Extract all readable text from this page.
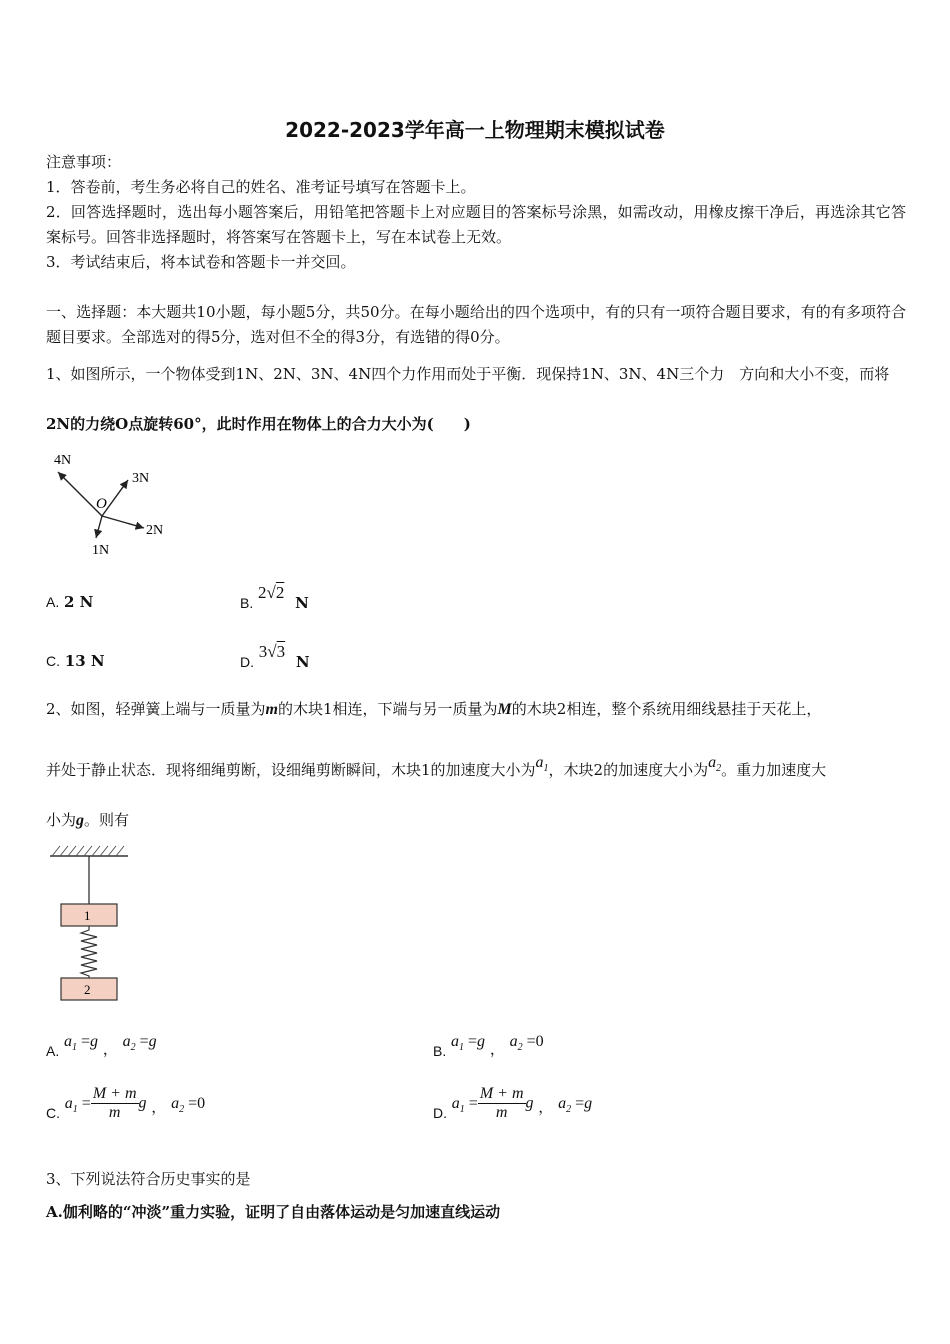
2022-2023学年高一上物理期末模拟试卷
注意事项：
1．答卷前，考生务必将自己的姓名、准考证号填写在答题卡上。
2．回答选择题时，选出每小题答案后，用铅笔把答题卡上对应题目的答案标号涂黑，如需改动，用橡皮擦干净后，再选涂其它答案标号。回答非选择题时，将答案写在答题卡上，写在本试卷上无效。
3．考试结束后，将本试卷和答题卡一并交回。
一、选择题：本大题共10小题，每小题5分，共50分。在每小题给出的四个选项中，有的只有一项符合题目要求，有的有多项符合题目要求。全部选对的得5分，选对但不全的得3分，有选错的得0分。
1、如图所示，一个物体受到1N、2N、3N、4N四个力作用而处于平衡．现保持1N、3N、4N三个力　方向和大小不变，而将
2N的力绕O点旋转60°，此时作用在物体上的合力大小为(　　)
4N
3N
O
2N
1N
A. 2 N	B. 2√2 N
C. 13 N	D. 3√3 N
2、如图，轻弹簧上端与一质量为m的木块1相连，下端与另一质量为M的木块2相连，整个系统用细线悬挂于天花上，
并处于静止状态．现将细绳剪断，设细绳剪断瞬间，木块1的加速度大小为$a_1$，木块2的加速度大小为$a_2$。重力加速度大
小为g。则有
1
2
A. $a_1 =g$ ， $a_2 =g$
B. $a_1 =g$ ， $a_2 =0$
C. $a_1 = \frac{M + m}{m}$ g ， $a_2 =0$
D. $a_1 = \frac{M + m}{m}$ g ， $a_2 =g$
3、下列说法符合历史事实的是
A.伽利略的“冲淡”重力实验，证明了自由落体运动是匀加速直线运动
